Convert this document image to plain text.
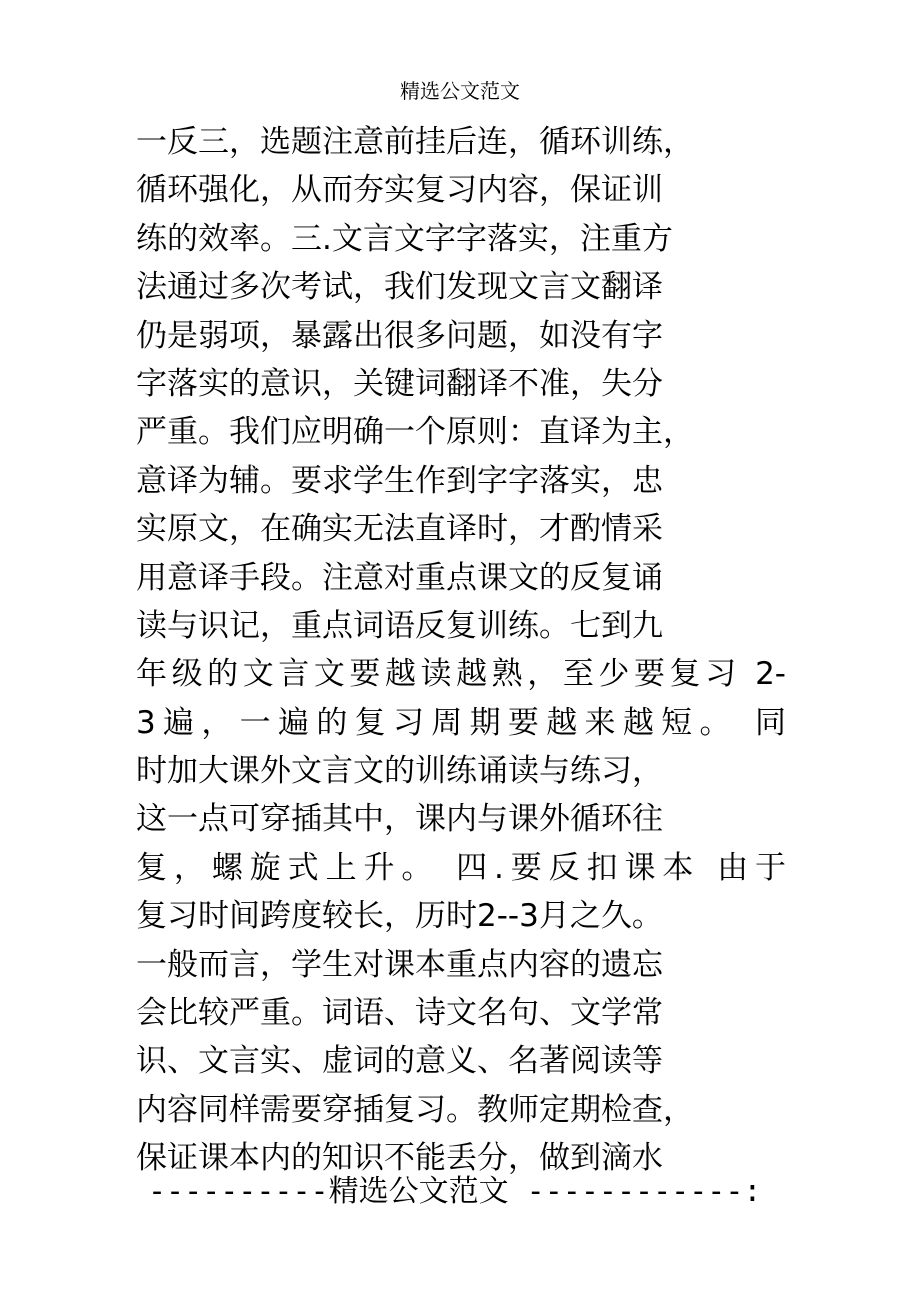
精选公文范文
一反三，选题注意前挂后连，循环训练，
循环强化，从而夯实复习内容，保证训
练的效率。三.文言文字字落实，注重方
法通过多次考试，我们发现文言文翻译
仍是弱项，暴露出很多问题，如没有字
字落实的意识，关键词翻译不准，失分
严重。我们应明确一个原则：直译为主，
意译为辅。要求学生作到字字落实，忠
实原文，在确实无法直译时，才酌情采
用意译手段。注意对重点课文的反复诵
读与识记，重点词语反复训练。七到九
年级的文言文要越读越熟，至少要复习 2-
3遍，一遍的复习周期要越来越短。 同
时加大课外文言文的训练诵读与练习，
这一点可穿插其中，课内与课外循环往
复，螺旋式上升。 四.要反扣课本 由于
复习时间跨度较长，历时2--3月之久。
一般而言，学生对课本重点内容的遗忘
会比较严重。词语、诗文名句、文学常
识、文言实、虚词的意义、名著阅读等
内容同样需要穿插复习。教师定期检查，
保证课本内的知识不能丢分，做到滴水
----------精选公文范文 ------------:
